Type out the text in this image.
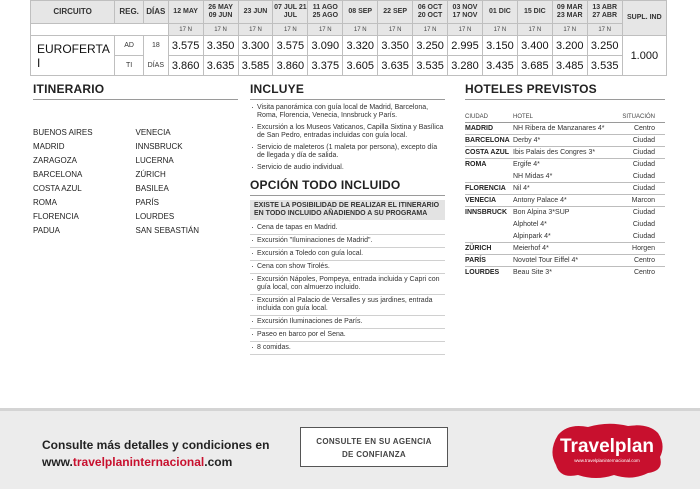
CIRCUITO	REG.	DÍAS	12 MAY	26 MAY 09 JUN	23 JUN	07 JUL 21 JUL	11 AGO 25 AGO	08 SEP	22 SEP	06 OCT 20 OCT	03 NOV 17 NOV	01 DIC	15 DIC	09 MAR 23 MAR	13 ABR 27 ABR	SUPL. IND
			17 N	17 N	17 N	17 N	17 N	17 N	17 N	17 N	17 N	17 N	17 N	17 N	17 N	
EUROFERTA I	AD	18	3.575	3.350	3.300	3.575	3.090	3.320	3.350	3.250	2.995	3.150	3.400	3.200	3.250	1.000
	TI	DÍAS	3.860	3.635	3.585	3.860	3.375	3.605	3.635	3.535	3.280	3.435	3.685	3.485	3.535	
ITINERARIO
BUENOS AIRES
MADRID
ZARAGOZA
BARCELONA
COSTA AZUL
ROMA
FLORENCIA
PADUA
VENECIA
INNSBRUCK
LUCERNA
ZÚRICH
BASILEA
PARÍS
LOURDES
SAN SEBASTIÁN
INCLUYE
· Visita panorámica con guía local de Madrid, Barcelona, Roma, Florencia, Venecia, Innsbruck y París.
· Excursión a los Museos Vaticanos, Capilla Sixtina y Basílica de San Pedro, entradas incluidas con guía local.
· Servicio de maleteros (1 maleta por persona), excepto día de llegada y día de salida.
· Servicio de audio individual.
OPCIÓN TODO INCLUIDO
EXISTE LA POSIBILIDAD DE REALIZAR EL ITINERARIO EN TODO INCLUIDO AÑADIENDO A SU PROGRAMA
· Cena de tapas en Madrid.
· Excursión "Iluminaciones de Madrid".
· Excursión a Toledo con guía local.
· Cena con show Tirolés.
· Excursión Nápoles, Pompeya, entrada incluida y Capri con guía local, con almuerzo incluido.
· Excursión al Palacio de Versalles y sus jardines, entrada incluida con guía local.
· Excursión Iluminaciones de París.
· Paseo en barco por el Sena.
· 8 comidas.
HOTELES PREVISTOS
CIUDAD	HOTEL	SITUACIÓN
MADRID	NH Ribera de Manzanares 4*	Centro
BARCELONA	Derby 4*	Ciudad
COSTA AZUL	Ibis Palais des Congres 3*	Ciudad
ROMA	Ergife 4*	Ciudad
	NH Midas 4*	Ciudad
FLORENCIA	Nil 4*	Ciudad
VENECIA	Antony Palace 4*	Marcon
INNSBRUCK	Bon Alpina 3*SUP	Ciudad
	Alphotel 4*	Ciudad
	Alpinpark 4*	Ciudad
ZÜRICH	Meierhof 4*	Horgen
PARÍS	Novotel Tour Eiffel 4*	Centro
LOURDES	Beau Site 3*	Centro
Consulte más detalles y condiciones en
www.travelplaninternacional.com
CONSULTE EN SU AGENCIA
DE CONFIANZA	Travelplan
www.travelplaninternacional.com
